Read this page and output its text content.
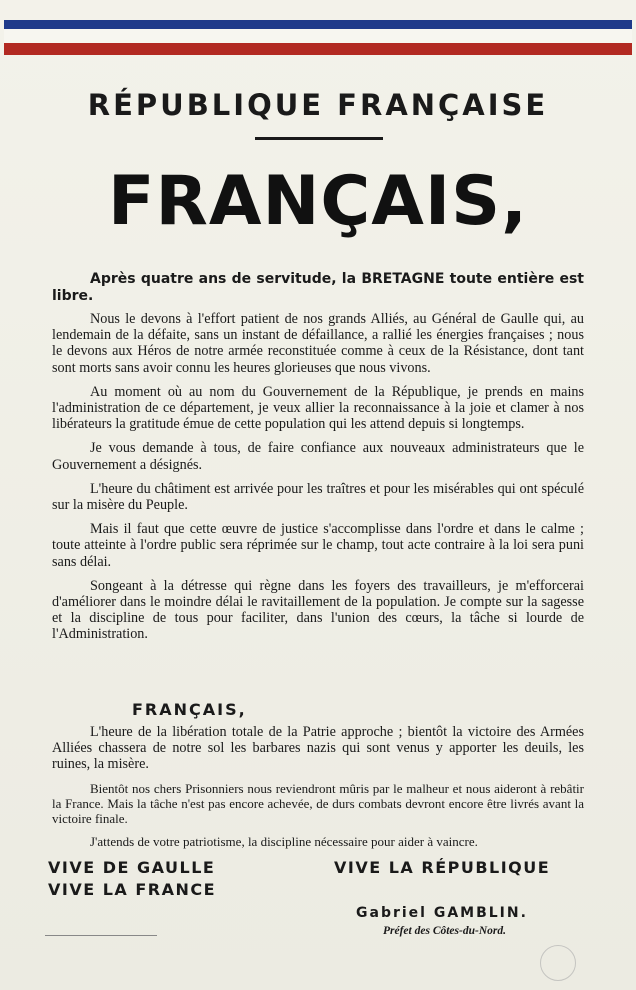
RÉPUBLIQUE FRANÇAISE
FRANÇAIS,

Après quatre ans de servitude, la BRETAGNE toute entière est libre.

Nous le devons à l'effort patient de nos grands Alliés, au Général de Gaulle qui, au lendemain de la défaite, sans un instant de défaillance, a rallié les énergies françaises ; nous le devons aux Héros de notre armée reconstituée comme à ceux de la Résistance, dont tant sont morts sans avoir connu les heures glorieuses que nous vivons.

Au moment où au nom du Gouvernement de la République, je prends en mains l'administration de ce département, je veux allier la reconnaissance à la joie et clamer à nos libérateurs la gratitude émue de cette population qui les attend depuis si longtemps.

Je vous demande à tous, de faire confiance aux nouveaux administrateurs que le Gouvernement a désignés.

L'heure du châtiment est arrivée pour les traîtres et pour les misérables qui ont spéculé sur la misère du Peuple.

Mais il faut que cette œuvre de justice s'accomplisse dans l'ordre et dans le calme ; toute atteinte à l'ordre public sera réprimée sur le champ, tout acte contraire à la loi sera puni sans délai.

Songeant à la détresse qui règne dans les foyers des travailleurs, je m'efforcerai d'améliorer dans le moindre délai le ravitaillement de la population. Je compte sur la sagesse et la discipline de tous pour faciliter, dans l'union des cœurs, la tâche si lourde de l'Administration.

FRANÇAIS,

L'heure de la libération totale de la Patrie approche ; bientôt la victoire des Armées Alliées chassera de notre sol les barbares nazis qui sont venus y apporter les deuils, les ruines, la misère.

Bientôt nos chers Prisonniers nous reviendront mûris par le malheur et nous aideront à rebâtir la France. Mais la tâche n'est pas encore achevée, de durs combats devront encore être livrés avant la victoire finale.

J'attends de votre patriotisme, la discipline nécessaire pour aider à vaincre.

VIVE DE GAULLE
VIVE LA FRANCE
VIVE LA RÉPUBLIQUE
Gabriel GAMBLIN.
Préfet des Côtes-du-Nord.
